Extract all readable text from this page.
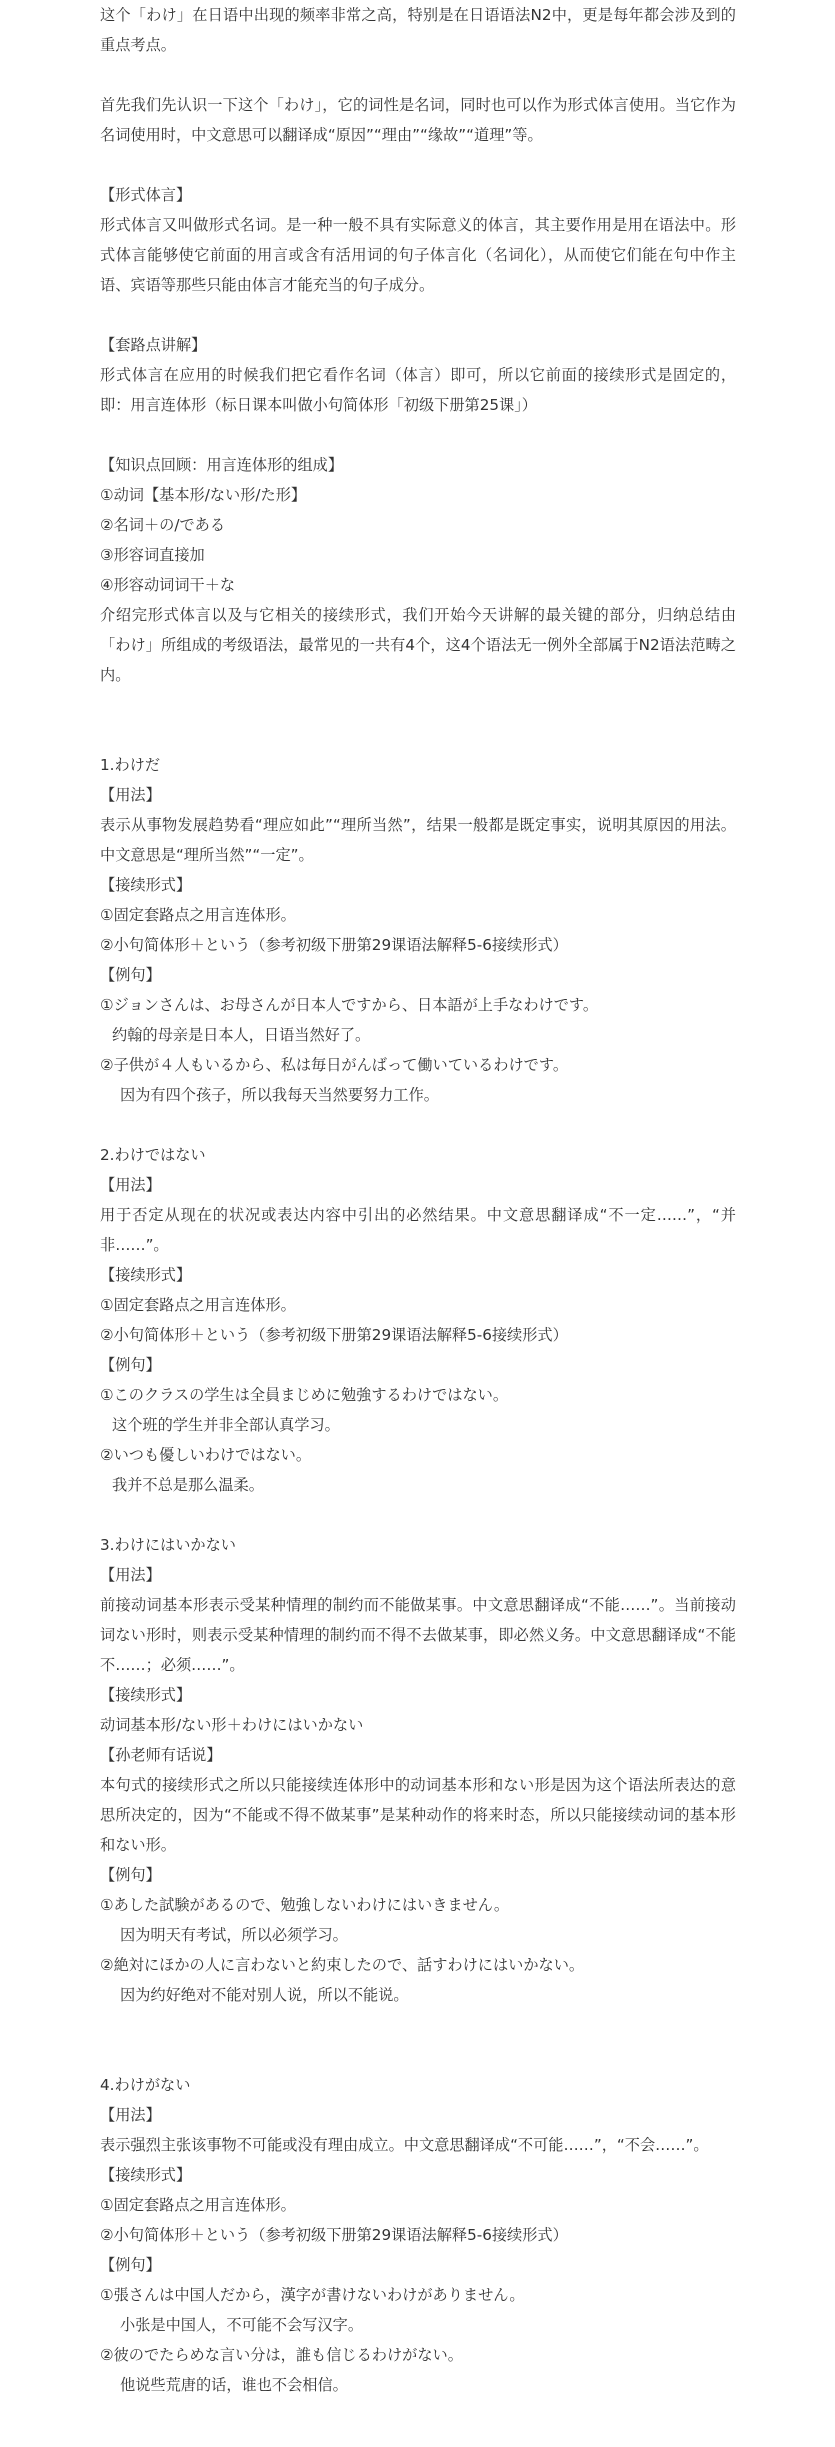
这个「わけ」在日语中出现的频率非常之高，特别是在日语语法N2中，更是每年都会涉及到的重点考点。
首先我们先认识一下这个「わけ」，它的词性是名词，同时也可以作为形式体言使用。当它作为名词使用时，中文意思可以翻译成“原因”“理由”“缘故”“道理”等。
【形式体言】
形式体言又叫做形式名词。是一种一般不具有实际意义的体言，其主要作用是用在语法中。形式体言能够使它前面的用言或含有活用词的句子体言化（名词化），从而使它们能在句中作主语、宾语等那些只能由体言才能充当的句子成分。
【套路点讲解】
形式体言在应用的时候我们把它看作名词（体言）即可，所以它前面的接续形式是固定的，即：用言连体形（标日课本叫做小句简体形「初级下册第25课」）
【知识点回顾：用言连体形的组成】
①动词【基本形/ない形/た形】
②名词＋の/である
③形容词直接加
④形容动词词干＋な
介绍完形式体言以及与它相关的接续形式，我们开始今天讲解的最关键的部分，归纳总结由「わけ」所组成的考级语法，最常见的一共有4个，这4个语法无一例外全部属于N2语法范畴之内。
1.わけだ
【用法】
表示从事物发展趋势看“理应如此”“理所当然”，结果一般都是既定事实，说明其原因的用法。中文意思是“理所当然”“一定”。
【接续形式】
①固定套路点之用言连体形。
②小句简体形＋という（参考初级下册第29课语法解释5-6接续形式）
【例句】
①ジョンさんは、お母さんが日本人ですから、日本語が上手なわけです。
约翰的母亲是日本人，日语当然好了。
②子供が４人もいるから、私は毎日がんばって働いているわけです。
因为有四个孩子，所以我每天当然要努力工作。
2.わけではない
【用法】
用于否定从现在的状况或表达内容中引出的必然结果。中文意思翻译成“不一定……”，“并非……”。
【接续形式】
①固定套路点之用言连体形。
②小句简体形＋という（参考初级下册第29课语法解释5-6接续形式）
【例句】
①このクラスの学生は全員まじめに勉強するわけではない。
这个班的学生并非全部认真学习。
②いつも優しいわけではない。
我并不总是那么温柔。
3.わけにはいかない
【用法】
前接动词基本形表示受某种情理的制约而不能做某事。中文意思翻译成“不能……”。当前接动词ない形时，则表示受某种情理的制约而不得不去做某事，即必然义务。中文意思翻译成“不能不……；必须……”。
【接续形式】
动词基本形/ない形＋わけにはいかない
【孙老师有话说】
本句式的接续形式之所以只能接续连体形中的动词基本形和ない形是因为这个语法所表达的意思所决定的，因为“不能或不得不做某事”是某种动作的将来时态，所以只能接续动词的基本形和ない形。
【例句】
①あした試験があるので、勉強しないわけにはいきません。
因为明天有考试，所以必须学习。
②絶対にほかの人に言わないと約束したので、話すわけにはいかない。
因为约好绝对不能对别人说，所以不能说。
4.わけがない
【用法】
表示强烈主张该事物不可能或没有理由成立。中文意思翻译成“不可能……”，“不会……”。
【接续形式】
①固定套路点之用言连体形。
②小句简体形＋という（参考初级下册第29课语法解释5-6接续形式）
【例句】
①張さんは中国人だから，漢字が書けないわけがありません。
小张是中国人，不可能不会写汉字。
②彼のでたらめな言い分は，誰も信じるわけがない。
他说些荒唐的话，谁也不会相信。
